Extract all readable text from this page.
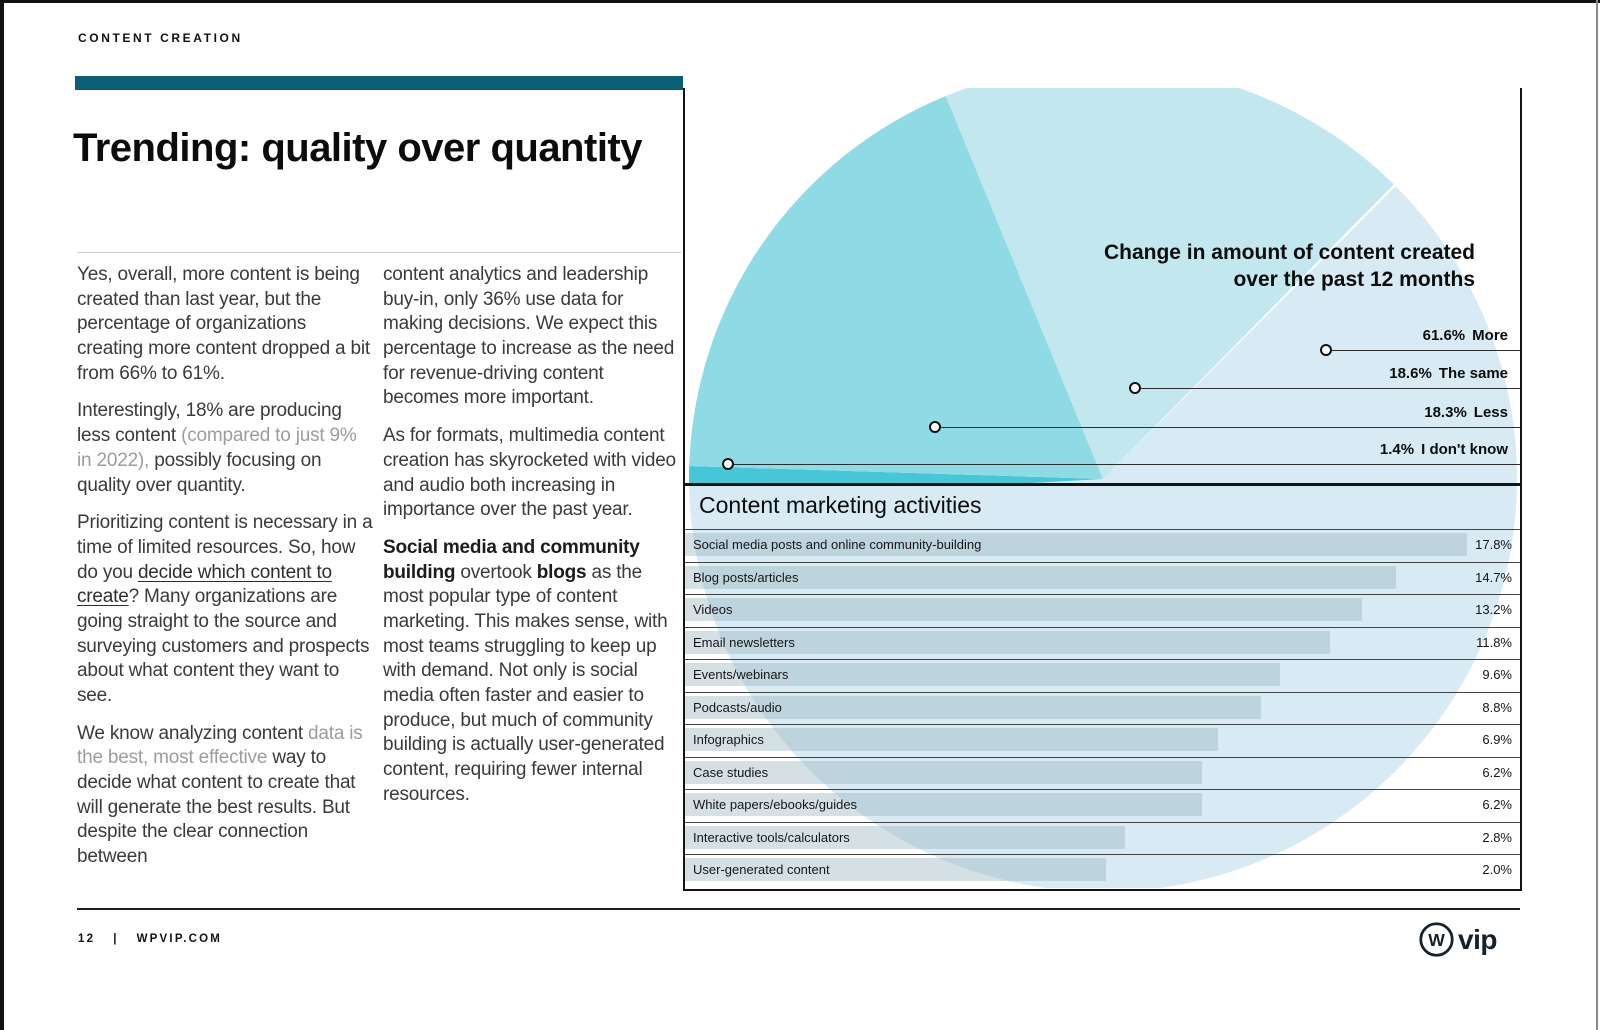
CONTENT CREATION
Trending: quality over quantity

Yes, overall, more content is being created than last year, but the percentage of organizations creating more content dropped a bit from 66% to 61%.

Interestingly, 18% are producing less content (compared to just 9% in 2022), possibly focusing on quality over quantity.

Prioritizing content is necessary in a time of limited resources. So, how do you decide which content to create? Many organizations are going straight to the source and surveying customers and prospects about what content they want to see.

We know analyzing content data is the best, most effective way to decide what content to create that will generate the best results. But despite the clear connection between

content analytics and leadership buy-in, only 36% use data for making decisions. We expect this percentage to increase as the need for revenue-driving content becomes more important.

As for formats, multimedia content creation has skyrocketed with video and audio both increasing in importance over the past year.

Social media and community building overtook blogs as the most popular type of content marketing. This makes sense, with most teams struggling to keep up with demand. Not only is social media often faster and easier to produce, but much of community building is actually user-generated content, requiring fewer internal resources.

Change in amount of content created over the past 12 months
61.6% More
18.6% The same
18.3% Less
1.4% I don't know
Content marketing activities
Social media posts and online community-building	17.8%
Blog posts/articles	14.7%
Videos	13.2%
Email newsletters	11.8%
Events/webinars	9.6%
Podcasts/audio	8.8%
Infographics	6.9%
Case studies	6.2%
White papers/ebooks/guides	6.2%
Interactive tools/calculators	2.8%
User-generated content	2.0%
12 | WPVIP.COM	W vip
